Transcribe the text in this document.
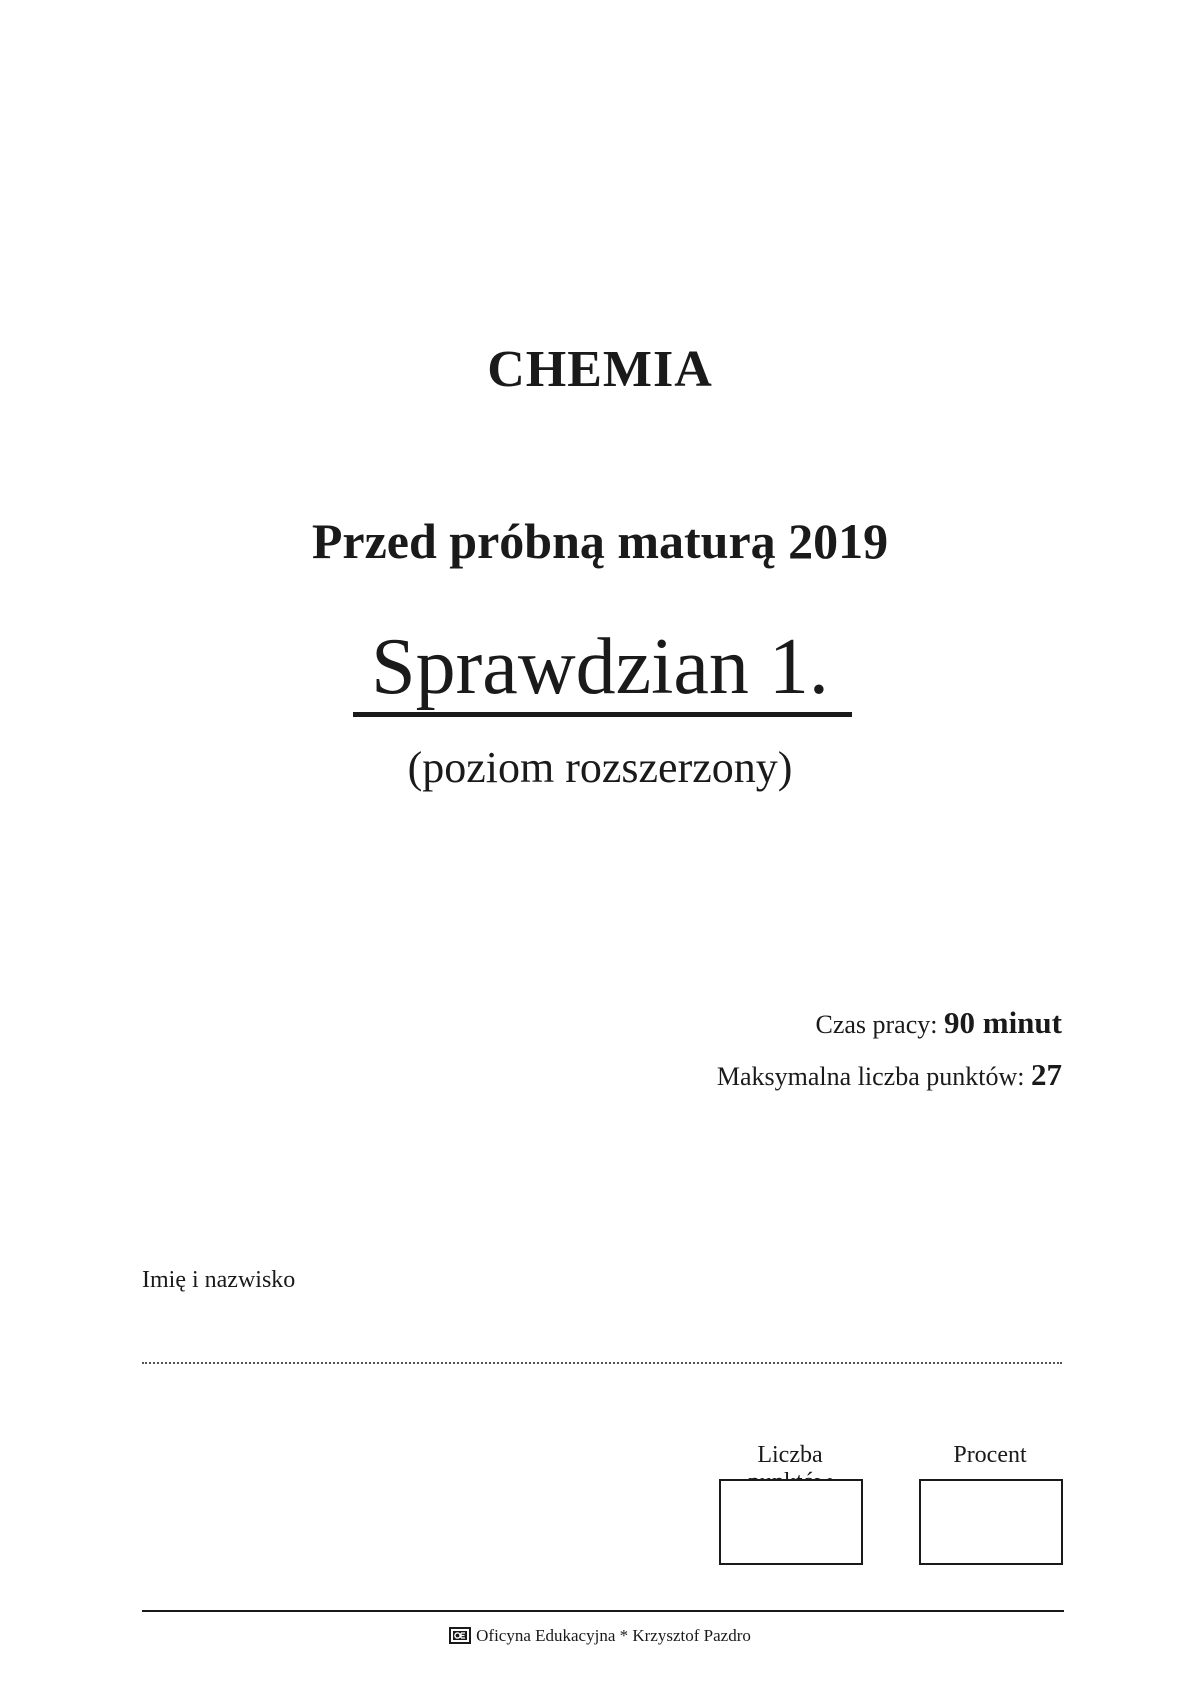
CHEMIA
Przed próbną maturą 2019
Sprawdzian 1.
(poziom rozszerzony)
Czas pracy: 90 minut
Maksymalna liczba punktów: 27
Imię i nazwisko
Liczba	Procent
Oficyna Edukacyjna * Krzysztof Pazdro
